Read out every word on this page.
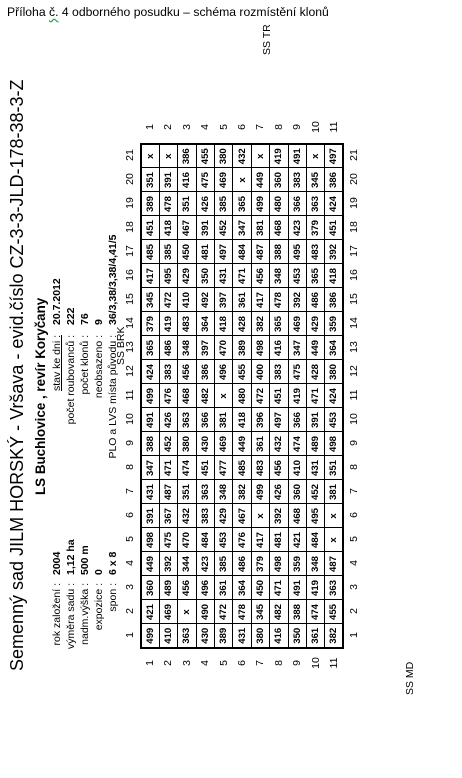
Příloha č. 4 odborného posudku – schéma rozmístění klonů
Semenný sad JILM HORSKÝ - Vršava - evid.číslo CZ-3-3-JLD-178-38-3-Z LS Buchlovice , revír Koryčany	SS BRK
SS MD
SS TR
499	421	360	449	498	391	431	347	388	491	499	424	365	379	345	417	485	451	389	351	x
410	469	489	392	475	367	487	471	452	426	476	383	486	419	472	495	385	418	478	391	x
363	x	456	344	470	432	351	474	380	363	468	456	348	483	410	429	450	467	351	416	386
430	490	496	423	484	383	363	451	430	366	482	386	397	364	492	350	481	391	426	475	455
389	472	361	385	453	429	348	477	469	381	x	496	470	418	397	431	497	452	385	469	380
431	478	364	486	476	467	382	485	449	418	480	455	389	428	361	471	484	347	365	x	432
380	345	450	379	417	x	499	483	361	396	472	400	498	382	417	456	487	381	499	449	x
416	482	471	498	481	392	426	456	432	497	451	383	416	365	478	348	388	468	480	360	419
350	388	491	359	421	468	360	410	474	366	419	475	347	469	392	453	495	423	366	383	491
361	474	419	348	484	495	452	431	489	391	471	428	449	429	486	365	483	379	363	345	x
382	455	363	487	x	x	381	351	498	453	424	380	364	359	386	418	392	451	424	386	497
rok založení :
2004
výměra sadu :
1,12 ha
nadm.výška :
500 m
expozice :
0
spon :
6 x 8
stav ke dni :
20.7.2012
počet roubovanců :
222
počet klonů :
76
neobsazeno :
9
PLO a LVS místa původu :
36/3,38/3,38/4,41/5
1	1
2	2
3	3
4	4
5	5
6	6
7	7
8	8
9	9
10	10
11	11
12	12
13	13
14	14
15	15
16	16
17	17
18	18
19	19
20	20
21	21
1
1
2
2
3
3
4
4
5
5
6
6
7
7
8
8
9
9
10
10
11
11
